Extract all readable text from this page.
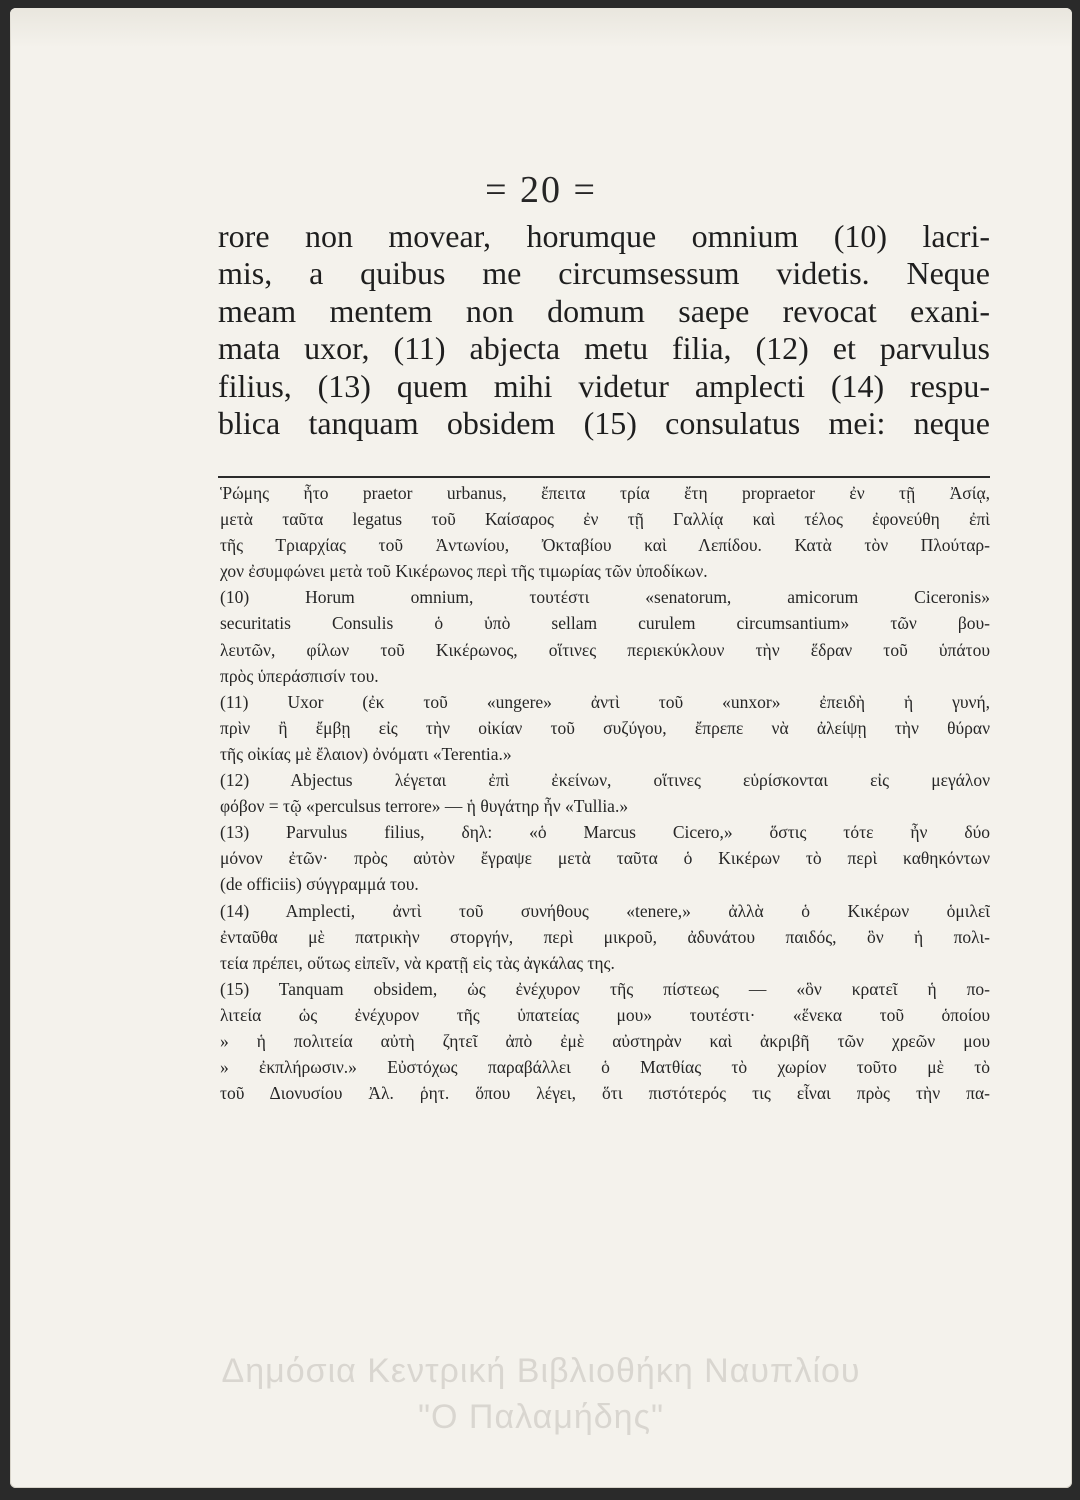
= 20 =
rore non movear, horumque omnium (10) lacri-
mis, a quibus me circumsessum videtis. Neque
meam mentem non domum saepe revocat exani-
mata uxor, (11) abjecta metu filia, (12) et parvulus
filius, (13) quem mihi videtur amplecti (14) respu-
blica tanquam obsidem (15) consulatus mei: neque
Ῥώμης ἦτο praetor urbanus, ἔπειτα τρία ἔτη propraetor ἐν τῇ Ἀσίᾳ,
μετὰ ταῦτα legatus τοῦ Καίσαρος ἐν τῇ Γαλλίᾳ καὶ τέλος ἐφονεύθη ἐπὶ
τῆς Τριαρχίας τοῦ Ἀντωνίου, Ὀκταβίου καὶ Λεπίδου. Κατὰ τὸν Πλούταρ-
χον ἐσυμφώνει μετὰ τοῦ Κικέρωνος περὶ τῆς τιμωρίας τῶν ὑποδίκων.
(10) Horum omnium, τουτέστι «senatorum, amicorum Ciceronis»
securitatis Consulis ὁ ὑπὸ sellam curulem circumsantium» τῶν βου-
λευτῶν, φίλων τοῦ Κικέρωνος, οἵτινες περιεκύκλουν τὴν ἕδραν τοῦ ὑπάτου
πρὸς ὑπεράσπισίν του.
(11) Uxor (ἐκ τοῦ «ungere» ἀντὶ τοῦ «unxor» ἐπειδὴ ἡ γυνή,
πρὶν ἢ ἔμβῃ εἰς τὴν οἰκίαν τοῦ συζύγου, ἔπρεπε νὰ ἀλείψῃ τὴν θύραν
τῆς οἰκίας μὲ ἔλαιον) ὀνόματι «Terentia.»
(12) Abjectus λέγεται ἐπὶ ἐκείνων, οἵτινες εὑρίσκονται εἰς μεγάλον
φόβον = τῷ «perculsus terrore» — ἡ θυγάτηρ ἦν «Tullia.»
(13) Parvulus filius, δηλ: «ὁ Marcus Cicero,» ὅστις τότε ἦν δύο
μόνον ἐτῶν· πρὸς αὐτὸν ἔγραψε μετὰ ταῦτα ὁ Κικέρων τὸ περὶ καθηκόντων
(de officiis) σύγγραμμά του.
(14) Amplecti, ἀντὶ τοῦ συνήθους «tenere,» ἀλλὰ ὁ Κικέρων ὁμιλεῖ
ἐνταῦθα μὲ πατρικὴν στοργήν, περὶ μικροῦ, ἀδυνάτου παιδός, ὃν ἡ πολι-
τεία πρέπει, οὕτως εἰπεῖν, νὰ κρατῇ εἰς τὰς ἀγκάλας της.
(15) Tanquam obsidem, ὡς ἐνέχυρον τῆς πίστεως — «ὃν κρατεῖ ἡ πο-
λιτεία ὡς ἐνέχυρον τῆς ὑπατείας μου» τουτέστι· «ἕνεκα τοῦ ὁποίου
» ἡ πολιτεία αὐτὴ ζητεῖ ἀπὸ ἐμὲ αὐστηρὰν καὶ ἀκριβῆ τῶν χρεῶν μου
» ἐκπλήρωσιν.» Εὐστόχως παραβάλλει ὁ Ματθίας τὸ χωρίον τοῦτο μὲ τὸ
τοῦ Διονυσίου Ἀλ. ῥητ. ὅπου λέγει, ὅτι πιστότερός τις εἶναι πρὸς τὴν πα-
Δημόσια Κεντρική Βιβλιοθήκη Ναυπλίου
"Ο Παλαμήδης"
